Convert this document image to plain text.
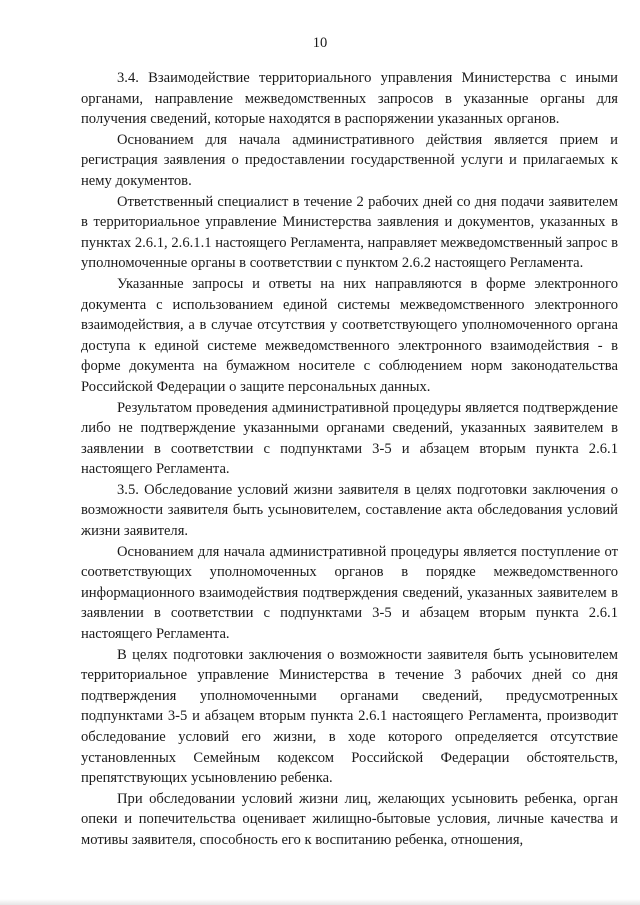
10

3.4. Взаимодействие территориального управления Министерства с иными органами, направление межведомственных запросов в указанные органы для получения сведений, которые находятся в распоряжении указанных органов.

Основанием для начала административного действия является прием и регистрация заявления о предоставлении государственной услуги и прилагаемых к нему документов.

Ответственный специалист в течение 2 рабочих дней со дня подачи заявителем в территориальное управление Министерства заявления и документов, указанных в пунктах 2.6.1, 2.6.1.1 настоящего Регламента, направляет межведомственный запрос в уполномоченные органы в соответствии с пунктом 2.6.2 настоящего Регламента.

Указанные запросы и ответы на них направляются в форме электронного документа с использованием единой системы межведомственного электронного взаимодействия, а в случае отсутствия у соответствующего уполномоченного органа доступа к единой системе межведомственного электронного взаимодействия - в форме документа на бумажном носителе с соблюдением норм законодательства Российской Федерации о защите персональных данных.

Результатом проведения административной процедуры является подтверждение либо не подтверждение указанными органами сведений, указанных заявителем в заявлении в соответствии с подпунктами 3-5 и абзацем вторым пункта 2.6.1 настоящего Регламента.

3.5. Обследование условий жизни заявителя в целях подготовки заключения о возможности заявителя быть усыновителем, составление акта обследования условий жизни заявителя.

Основанием для начала административной процедуры является поступление от соответствующих уполномоченных органов в порядке межведомственного информационного взаимодействия подтверждения сведений, указанных заявителем в заявлении в соответствии с подпунктами 3-5 и абзацем вторым пункта 2.6.1 настоящего Регламента.

В целях подготовки заключения о возможности заявителя быть усыновителем территориальное управление Министерства в течение 3 рабочих дней со дня подтверждения уполномоченными органами сведений, предусмотренных подпунктами 3-5 и абзацем вторым пункта 2.6.1 настоящего Регламента, производит обследование условий его жизни, в ходе которого определяется отсутствие установленных Семейным кодексом Российской Федерации обстоятельств, препятствующих усыновлению ребенка.

При обследовании условий жизни лиц, желающих усыновить ребенка, орган опеки и попечительства оценивает жилищно-бытовые условия, личные качества и мотивы заявителя, способность его к воспитанию ребенка, отношения,
